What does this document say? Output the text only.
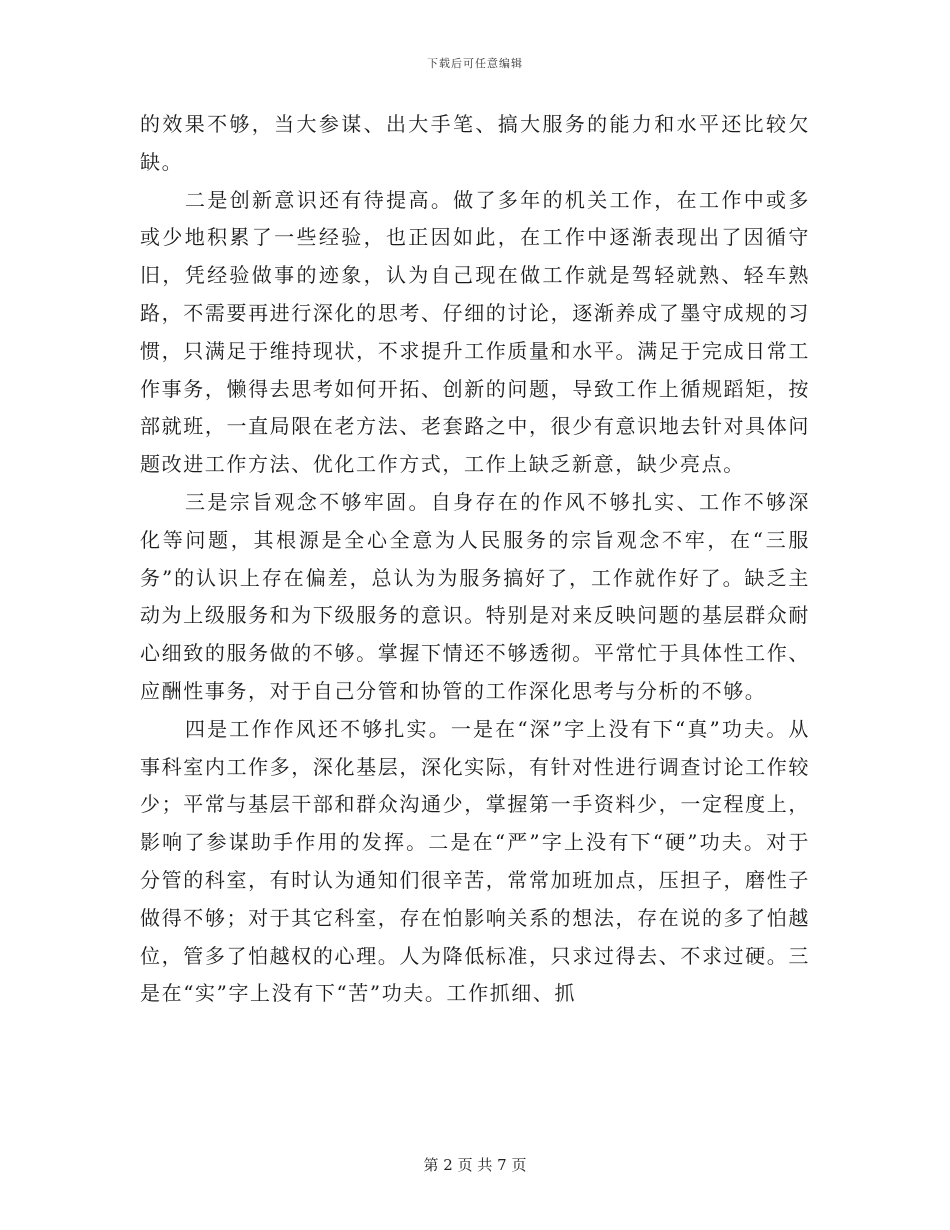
下载后可任意编辑

的效果不够，当大参谋、出大手笔、搞大服务的能力和水平还比较欠缺。

二是创新意识还有待提高。做了多年的机关工作，在工作中或多或少地积累了一些经验，也正因如此，在工作中逐渐表现出了因循守旧，凭经验做事的迹象，认为自己现在做工作就是驾轻就熟、轻车熟路，不需要再进行深化的思考、仔细的讨论，逐渐养成了墨守成规的习惯，只满足于维持现状，不求提升工作质量和水平。满足于完成日常工作事务，懒得去思考如何开拓、创新的问题，导致工作上循规蹈矩，按部就班，一直局限在老方法、老套路之中，很少有意识地去针对具体问题改进工作方法、优化工作方式，工作上缺乏新意，缺少亮点。

三是宗旨观念不够牢固。自身存在的作风不够扎实、工作不够深化等问题，其根源是全心全意为人民服务的宗旨观念不牢，在“三服务”的认识上存在偏差，总认为为服务搞好了，工作就作好了。缺乏主动为上级服务和为下级服务的意识。特别是对来反映问题的基层群众耐心细致的服务做的不够。掌握下情还不够透彻。平常忙于具体性工作、应酬性事务，对于自己分管和协管的工作深化思考与分析的不够。

四是工作作风还不够扎实。一是在“深”字上没有下“真”功夫。从事科室内工作多，深化基层，深化实际，有针对性进行调查讨论工作较少；平常与基层干部和群众沟通少，掌握第一手资料少，一定程度上，影响了参谋助手作用的发挥。二是在“严”字上没有下“硬”功夫。对于分管的科室，有时认为通知们很辛苦，常常加班加点，压担子，磨性子做得不够；对于其它科室，存在怕影响关系的想法，存在说的多了怕越位，管多了怕越权的心理。人为降低标准，只求过得去、不求过硬。三是在“实”字上没有下“苦”功夫。工作抓细、抓

第 2 页 共 7 页
